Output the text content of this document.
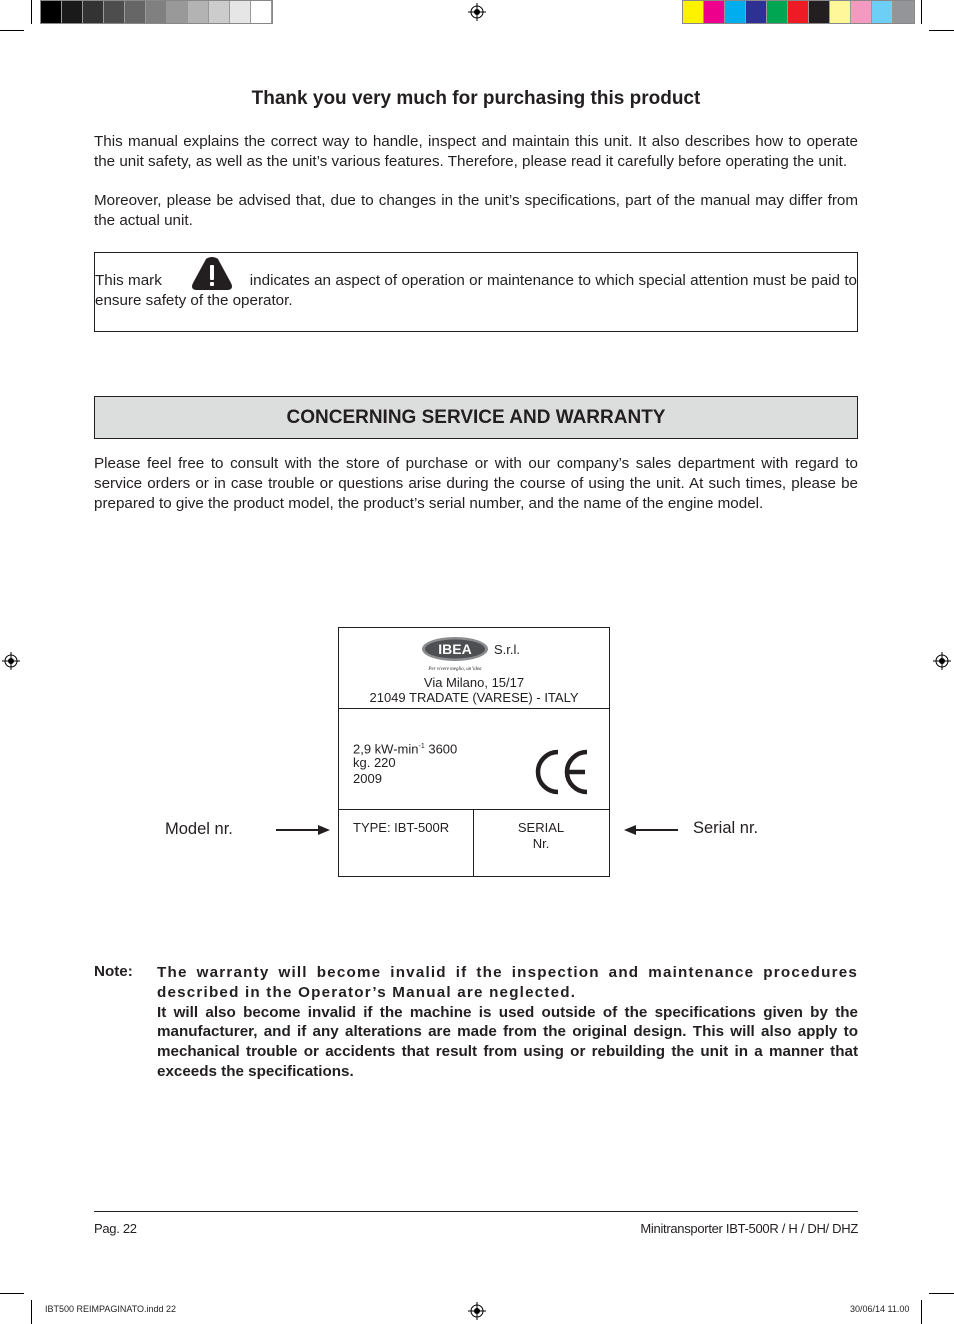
Thank you very much for purchasing this product

This manual explains the correct way to handle, inspect and maintain this unit. It also describes how to operate the unit safety, as well as the unit’s various features. Therefore, please read it carefully before operating the unit.

Moreover, please be advised that, due to changes in the unit’s specifications, part of the manual may differ from the actual unit.

This mark	indicates an aspect of operation or maintenance to which special attention must be paid to ensure safety of the operator.
CONCERNING SERVICE AND WARRANTY

Please feel free to consult with the store of purchase or with our company’s sales department with regard to service orders or in case trouble or questions arise during the course of using the unit. At such times, please be prepared to give the product model, the product’s serial number, and the name of the engine model.

IBEA
Per vivere meglio, un’idea
S.r.l.
Via Milano, 15/17
21049 TRADATE (VARESE) - ITALY
2,9 $kW-\min^{-1}$ 3600
kg. 220
2009
TYPE: IBT-500R	SERIAL
Nr.
Model nr.	Serial nr.
Note: The warranty will become invalid if the inspection and maintenance procedures described in the Operator’s Manual are neglected.

It will also become invalid if the machine is used outside of the specifications given by the manufacturer, and if any alterations are made from the original design. This will also apply to mechanical trouble or accidents that result from using or rebuilding the unit in a manner that exceeds the specifications.

Pag. 22	Minitransporter IBT-500R / H / DH/ DHZ
IBT500 REIMPAGINATO.indd 22	30/06/14 11.00
